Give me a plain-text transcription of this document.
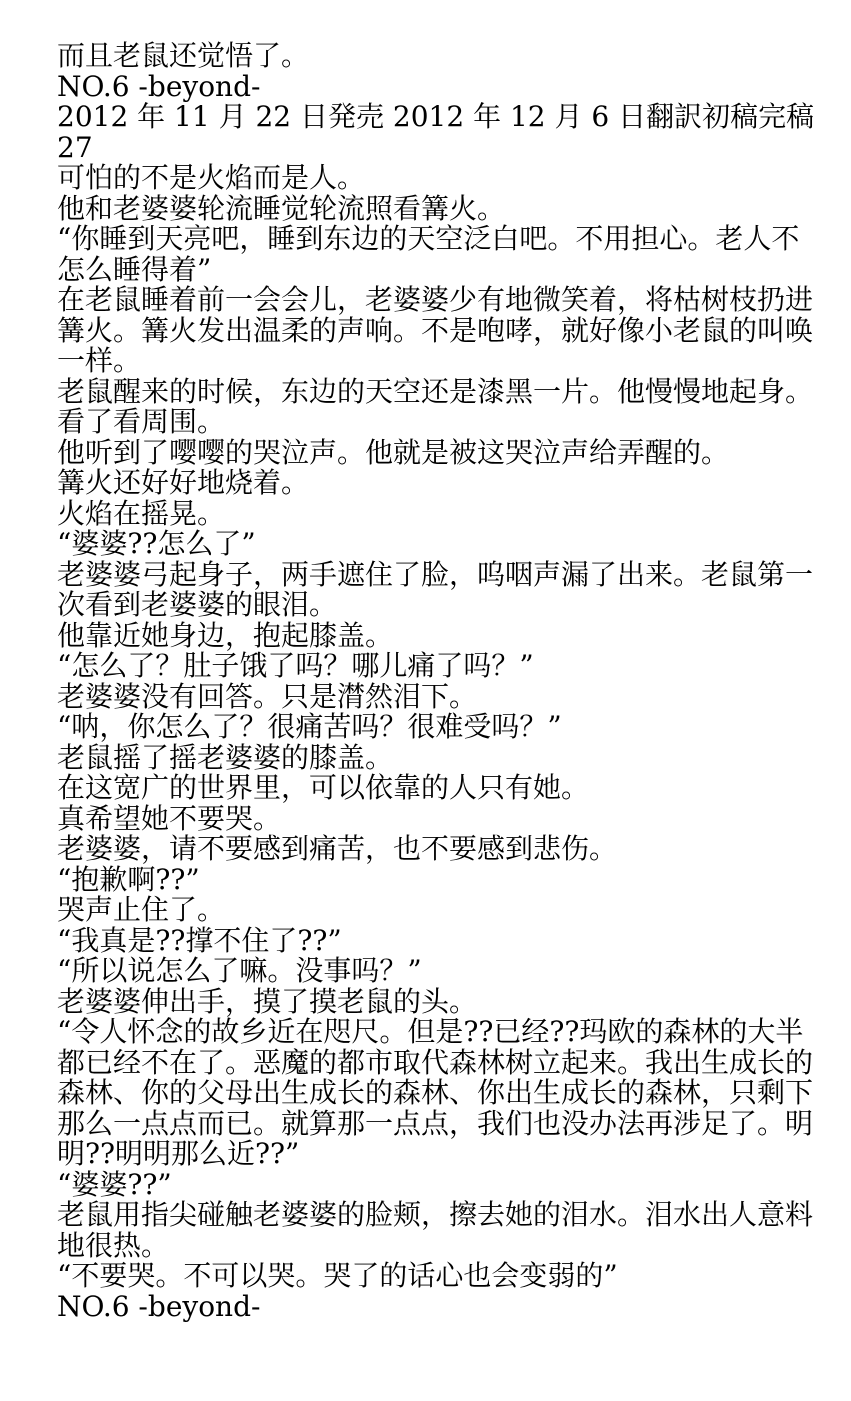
而且老鼠还觉悟了。
NO.6 -beyond-
2012 年 11 月 22 日発売 2012 年 12 月 6 日翻訳初稿完稿
27
可怕的不是火焰而是人。
他和老婆婆轮流睡觉轮流照看篝火。
“你睡到天亮吧，睡到东边的天空泛白吧。不用担心。老人不
怎么睡得着”
在老鼠睡着前一会会儿，老婆婆少有地微笑着，将枯树枝扔进
篝火。篝火发出温柔的声响。不是咆哮，就好像小老鼠的叫唤
一样。
老鼠醒来的时候，东边的天空还是漆黑一片。他慢慢地起身。
看了看周围。
他听到了嘤嘤的哭泣声。他就是被这哭泣声给弄醒的。
篝火还好好地烧着。
火焰在摇晃。
“婆婆??怎么了”
老婆婆弓起身子，两手遮住了脸，呜咽声漏了出来。老鼠第一
次看到老婆婆的眼泪。
他靠近她身边，抱起膝盖。
“怎么了？肚子饿了吗？哪儿痛了吗？”
老婆婆没有回答。只是潸然泪下。
“呐，你怎么了？很痛苦吗？很难受吗？”
老鼠摇了摇老婆婆的膝盖。
在这宽广的世界里，可以依靠的人只有她。
真希望她不要哭。
老婆婆，请不要感到痛苦，也不要感到悲伤。
“抱歉啊??”
哭声止住了。
“我真是??撑不住了??”
“所以说怎么了嘛。没事吗？”
老婆婆伸出手，摸了摸老鼠的头。
“令人怀念的故乡近在咫尺。但是??已经??玛欧的森林的大半
都已经不在了。恶魔的都市取代森林树立起来。我出生成长的
森林、你的父母出生成长的森林、你出生成长的森林，只剩下
那么一点点而已。就算那一点点，我们也没办法再涉足了。明
明??明明那么近??”
“婆婆??”
老鼠用指尖碰触老婆婆的脸颊，擦去她的泪水。泪水出人意料
地很热。
“不要哭。不可以哭。哭了的话心也会变弱的”
NO.6 -beyond-
